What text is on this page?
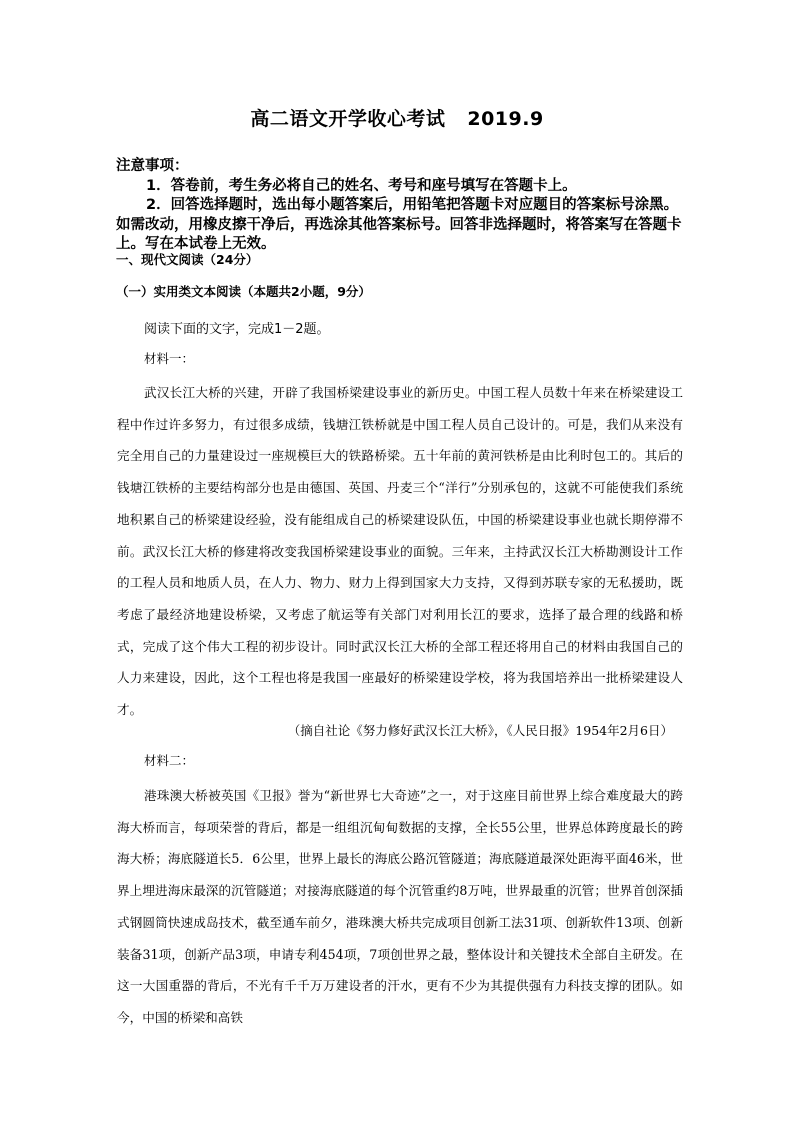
高二语文开学收心考试 2019.9

注意事项：

1．答卷前，考生务必将自己的姓名、考号和座号填写在答题卡上。

2．回答选择题时，选出每小题答案后，用铅笔把答题卡对应题目的答案标号涂黑。如需改动，用橡皮擦干净后，再选涂其他答案标号。回答非选择题时，将答案写在答题卡上。写在本试卷上无效。

一、现代文阅读（24分）
（一）实用类文本阅读（本题共2小题，9分）
阅读下面的文字，完成1－2题。
材料一：

武汉长江大桥的兴建，开辟了我国桥梁建设事业的新历史。中国工程人员数十年来在桥梁建设工程中作过许多努力，有过很多成绩，钱塘江铁桥就是中国工程人员自己设计的。可是，我们从来没有完全用自己的力量建设过一座规模巨大的铁路桥梁。五十年前的黄河铁桥是由比利时包工的。其后的钱塘江铁桥的主要结构部分也是由德国、英国、丹麦三个“洋行”分别承包的，这就不可能使我们系统地积累自己的桥梁建设经验，没有能组成自己的桥梁建设队伍，中国的桥梁建设事业也就长期停滞不前。武汉长江大桥的修建将改变我国桥梁建设事业的面貌。三年来，主持武汉长江大桥勘测设计工作的工程人员和地质人员，在人力、物力、财力上得到国家大力支持，又得到苏联专家的无私援助，既考虑了最经济地建设桥梁，又考虑了航运等有关部门对利用长江的要求，选择了最合理的线路和桥式，完成了这个伟大工程的初步设计。同时武汉长江大桥的全部工程还将用自己的材料由我国自己的人力来建设，因此，这个工程也将是我国一座最好的桥梁建设学校，将为我国培养出一批桥梁建设人才。

（摘自社论《努力修好武汉长江大桥》，《人民日报》1954年2月6日）
材料二：

港珠澳大桥被英国《卫报》誉为“新世界七大奇迹”之一，对于这座目前世界上综合难度最大的跨海大桥而言，每项荣誉的背后，都是一组组沉甸甸数据的支撑，全长55公里，世界总体跨度最长的跨海大桥；海底隧道长5．6公里，世界上最长的海底公路沉管隧道；海底隧道最深处距海平面46米，世界上埋进海床最深的沉管隧道；对接海底隧道的每个沉管重约8万吨，世界最重的沉管；世界首创深插式钢圆筒快速成岛技术，截至通车前夕，港珠澳大桥共完成项目创新工法31项、创新软件13项、创新装备31项，创新产品3项，申请专利454项，7项创世界之最，整体设计和关键技术全部自主研发。在这一大国重器的背后，不光有千千万万建设者的汗水，更有不少为其提供强有力科技支撑的团队。如今，中国的桥梁和高铁
